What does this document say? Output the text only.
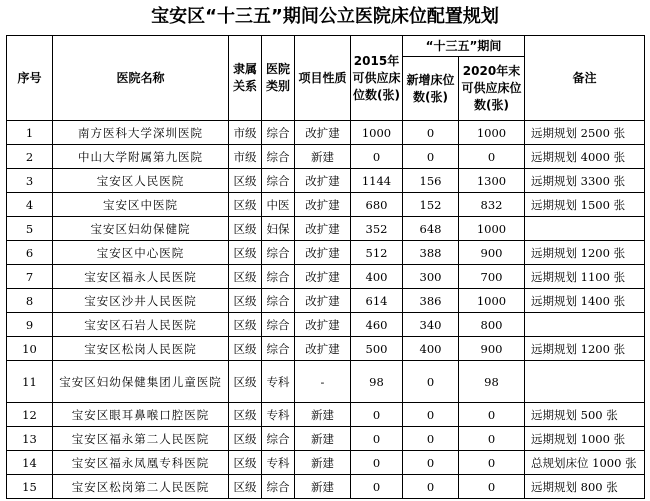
宝安区“十三五”期间公立医院床位配置规划
序号	医院名称	隶属关系	医院类别	项目性质	2015年可供应床位数(张)	“十三五”期间		备注
						新增床位数(张)	2020年末可供应床位数(张)	
1	南方医科大学深圳医院	市级	综合	改扩建	1000	0	1000	远期规划 2500 张
2	中山大学附属第九医院	市级	综合	新建	0	0	0	远期规划 4000 张
3	宝安区人民医院	区级	综合	改扩建	1144	156	1300	远期规划 3300 张
4	宝安区中医院	区级	中医	改扩建	680	152	832	远期规划 1500 张
5	宝安区妇幼保健院	区级	妇保	改扩建	352	648	1000	
6	宝安区中心医院	区级	综合	改扩建	512	388	900	远期规划 1200 张
7	宝安区福永人民医院	区级	综合	改扩建	400	300	700	远期规划 1100 张
8	宝安区沙井人民医院	区级	综合	改扩建	614	386	1000	远期规划 1400 张
9	宝安区石岩人民医院	区级	综合	改扩建	460	340	800	
10	宝安区松岗人民医院	区级	综合	改扩建	500	400	900	远期规划 1200 张
11	宝安区妇幼保健集团儿童医院	区级	专科	-	98	0	98	
12	宝安区眼耳鼻喉口腔医院	区级	专科	新建	0	0	0	远期规划 500 张
13	宝安区福永第二人民医院	区级	综合	新建	0	0	0	远期规划 1000 张
14	宝安区福永凤凰专科医院	区级	专科	新建	0	0	0	总规划床位 1000 张
15	宝安区松岗第二人民医院	区级	综合	新建	0	0	0	远期规划 800 张
